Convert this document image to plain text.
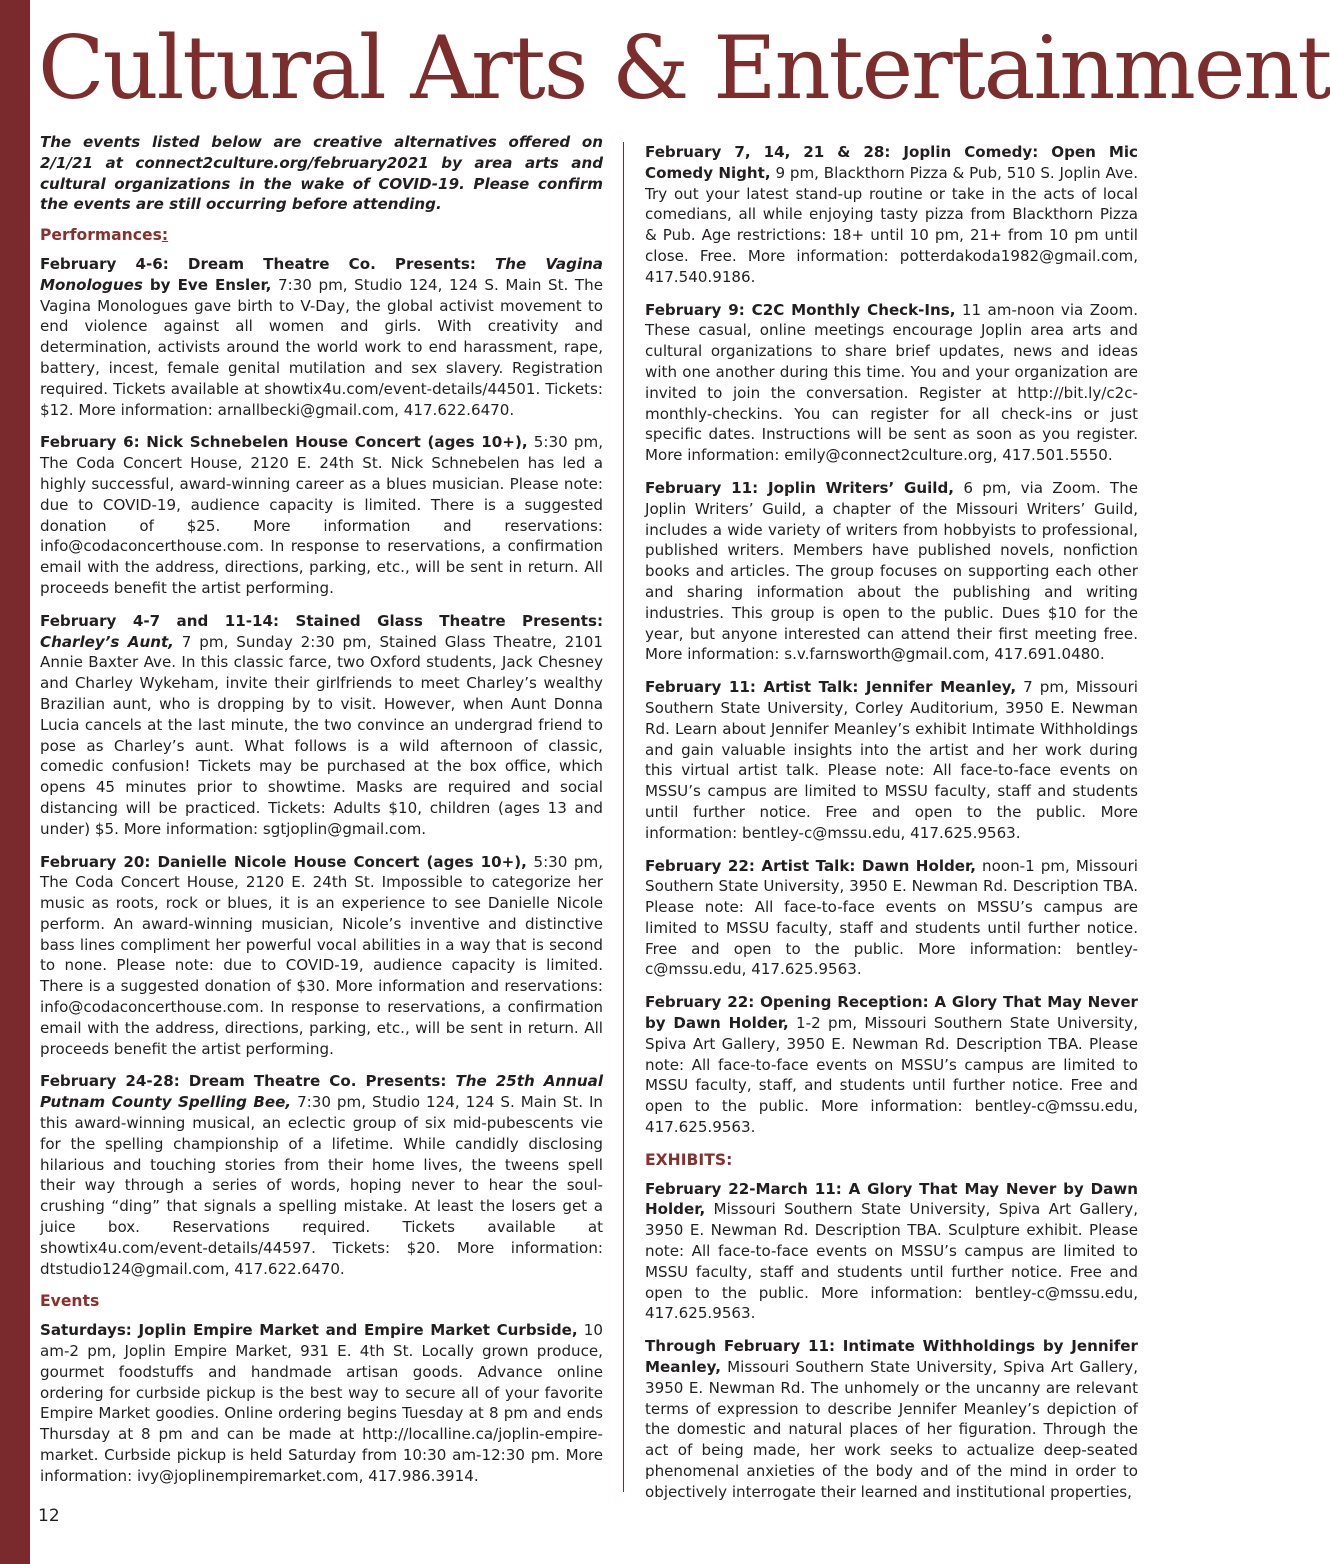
Cultural Arts & Entertainment

The events listed below are creative alternatives offered on 2/1/21 at connect2culture.org/february2021 by area arts and cultural organizations in the wake of COVID-19. Please confirm the events are still occurring before attending.

Performances:

February 4-6: Dream Theatre Co. Presents: The Vagina Monologues by Eve Ensler, 7:30 pm, Studio 124, 124 S. Main St. The Vagina Monologues gave birth to V-Day, the global activist movement to end violence against all women and girls. With creativity and determination, activists around the world work to end harassment, rape, battery, incest, female genital mutilation and sex slavery. Registration required. Tickets available at showtix4u.com/event-details/44501. Tickets: $12. More information: arnallbecki@gmail.com, 417.622.6470.

February 6: Nick Schnebelen House Concert (ages 10+), 5:30 pm, The Coda Concert House, 2120 E. 24th St. Nick Schnebelen has led a highly successful, award-winning career as a blues musician. Please note: due to COVID-19, audience capacity is limited. There is a suggested donation of $25. More information and reservations: info@codaconcerthouse.com. In response to reservations, a confirmation email with the address, directions, parking, etc., will be sent in return. All proceeds benefit the artist performing.

February 4-7 and 11-14: Stained Glass Theatre Presents: Charley’s Aunt, 7 pm, Sunday 2:30 pm, Stained Glass Theatre, 2101 Annie Baxter Ave. In this classic farce, two Oxford students, Jack Chesney and Charley Wykeham, invite their girlfriends to meet Charley’s wealthy Brazilian aunt, who is dropping by to visit. However, when Aunt Donna Lucia cancels at the last minute, the two convince an undergrad friend to pose as Charley’s aunt. What follows is a wild afternoon of classic, comedic confusion! Tickets may be purchased at the box office, which opens 45 minutes prior to showtime. Masks are required and social distancing will be practiced. Tickets: Adults $10, children (ages 13 and under) $5. More information: sgtjoplin@gmail.com.

February 20: Danielle Nicole House Concert (ages 10+), 5:30 pm, The Coda Concert House, 2120 E. 24th St. Impossible to categorize her music as roots, rock or blues, it is an experience to see Danielle Nicole perform. An award-winning musician, Nicole’s inventive and distinctive bass lines compliment her powerful vocal abilities in a way that is second to none. Please note: due to COVID-19, audience capacity is limited. There is a suggested donation of $30. More information and reservations: info@codaconcerthouse.com. In response to reservations, a confirmation email with the address, directions, parking, etc., will be sent in return. All proceeds benefit the artist performing.

February 24-28: Dream Theatre Co. Presents: The 25th Annual Putnam County Spelling Bee, 7:30 pm, Studio 124, 124 S. Main St. In this award-winning musical, an eclectic group of six mid-pubescents vie for the spelling championship of a lifetime. While candidly disclosing hilarious and touching stories from their home lives, the tweens spell their way through a series of words, hoping never to hear the soul-crushing “ding” that signals a spelling mistake. At least the losers get a juice box. Reservations required. Tickets available at showtix4u.com/event-details/44597. Tickets: $20. More information: dtstudio124@gmail.com, 417.622.6470.

Events

Saturdays: Joplin Empire Market and Empire Market Curbside, 10 am-2 pm, Joplin Empire Market, 931 E. 4th St. Locally grown produce, gourmet foodstuffs and handmade artisan goods. Advance online ordering for curbside pickup is the best way to secure all of your favorite Empire Market goodies. Online ordering begins Tuesday at 8 pm and ends Thursday at 8 pm and can be made at http://localline.ca/joplin-empire-market. Curbside pickup is held Saturday from 10:30 am-12:30 pm. More information: ivy@joplinempiremarket.com, 417.986.3914.

February 7, 14, 21 & 28: Joplin Comedy: Open Mic Comedy Night, 9 pm, Blackthorn Pizza & Pub, 510 S. Joplin Ave. Try out your latest stand-up routine or take in the acts of local comedians, all while enjoying tasty pizza from Blackthorn Pizza & Pub. Age restrictions: 18+ until 10 pm, 21+ from 10 pm until close. Free. More information: potterdakoda1982@gmail.com, 417.540.9186.

February 9: C2C Monthly Check-Ins, 11 am-noon via Zoom. These casual, online meetings encourage Joplin area arts and cultural organizations to share brief updates, news and ideas with one another during this time. You and your organization are invited to join the conversation. Register at http://bit.ly/c2c-monthly-checkins. You can register for all check-ins or just specific dates. Instructions will be sent as soon as you register. More information: emily@connect2culture.org, 417.501.5550.

February 11: Joplin Writers’ Guild, 6 pm, via Zoom. The Joplin Writers’ Guild, a chapter of the Missouri Writers’ Guild, includes a wide variety of writers from hobbyists to professional, published writers. Members have published novels, nonfiction books and articles. The group focuses on supporting each other and sharing information about the publishing and writing industries. This group is open to the public. Dues $10 for the year, but anyone interested can attend their first meeting free. More information: s.v.farnsworth@gmail.com, 417.691.0480.

February 11: Artist Talk: Jennifer Meanley, 7 pm, Missouri Southern State University, Corley Auditorium, 3950 E. Newman Rd. Learn about Jennifer Meanley’s exhibit Intimate Withholdings and gain valuable insights into the artist and her work during this virtual artist talk. Please note: All face-to-face events on MSSU’s campus are limited to MSSU faculty, staff and students until further notice. Free and open to the public. More information: bentley-c@mssu.edu, 417.625.9563.

February 22: Artist Talk: Dawn Holder, noon-1 pm, Missouri Southern State University, 3950 E. Newman Rd. Description TBA. Please note: All face-to-face events on MSSU’s campus are limited to MSSU faculty, staff and students until further notice. Free and open to the public. More information: bentley-c@mssu.edu, 417.625.9563.

February 22: Opening Reception: A Glory That May Never by Dawn Holder, 1-2 pm, Missouri Southern State University, Spiva Art Gallery, 3950 E. Newman Rd. Description TBA. Please note: All face-to-face events on MSSU’s campus are limited to MSSU faculty, staff, and students until further notice. Free and open to the public. More information: bentley-c@mssu.edu, 417.625.9563.

EXHIBITS:

February 22-March 11: A Glory That May Never by Dawn Holder, Missouri Southern State University, Spiva Art Gallery, 3950 E. Newman Rd. Description TBA. Sculpture exhibit. Please note: All face-to-face events on MSSU’s campus are limited to MSSU faculty, staff and students until further notice. Free and open to the public. More information: bentley-c@mssu.edu, 417.625.9563.

Through February 11: Intimate Withholdings by Jennifer Meanley, Missouri Southern State University, Spiva Art Gallery, 3950 E. Newman Rd. The unhomely or the uncanny are relevant terms of expression to describe Jennifer Meanley’s depiction of the domestic and natural places of her figuration. Through the act of being made, her work seeks to actualize deep-seated phenomenal anxieties of the body and of the mind in order to objectively interrogate their learned and institutional properties,

12
